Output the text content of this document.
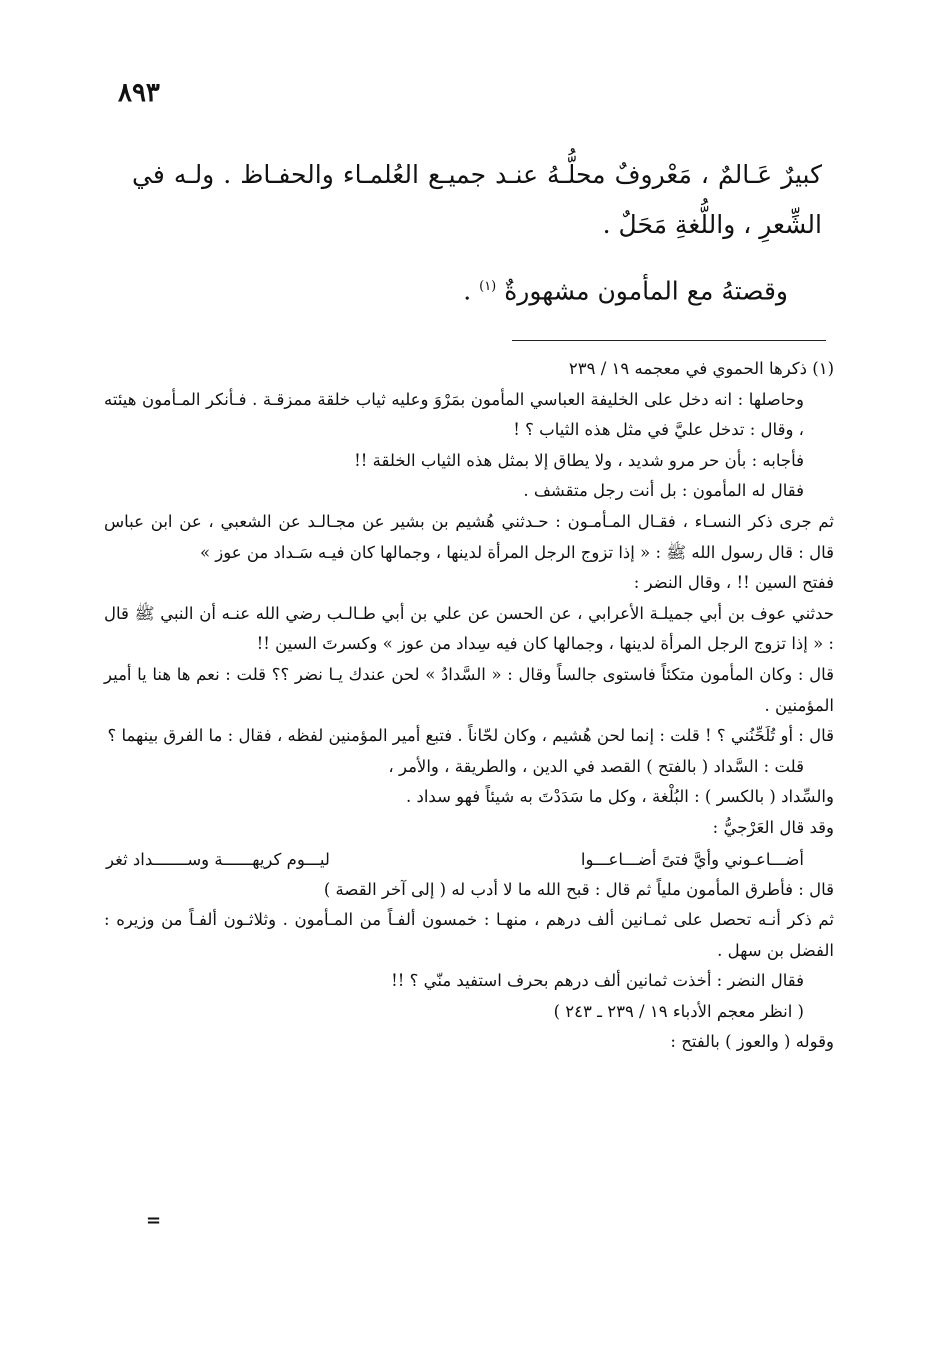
٨٩٣

كبيرٌ عَـالمٌ ، مَعْروفٌ محلُّـهُ عنـد جميـع العُلمـاء والحفـاظ . ولـه في الشِّعرِ ، واللُّغةِ مَحَلٌ .

وقصتهُ مع المأمون مشهورةٌ $^{(١)}$ .

(١) ذكرها الحموي في معجمه ١٩ / ٢٣٩

وحاصلها : انه دخل على الخليفة العباسي المأمون بمَرْوَ وعليه ثياب خلقة ممزقـة . فـأنكر المـأمون هيئته ، وقال : تدخل عليَّ في مثل هذه الثياب ؟ !

فأجابه : بأن حر مرو شديد ، ولا يطاق إلا بمثل هذه الثياب الخلقة !!

فقال له المأمون : بل أنت رجل متقشف .

ثم جرى ذكر النسـاء ، فقـال المـأمـون : حـدثني هُشيم بن بشير عن مجـالـد عن الشعبي ، عن ابن عباس قال : قال رسول الله ﷺ : « إذا تزوج الرجل المرأة لدينها ، وجمالها كان فيـه سَـداد من عوز »

ففتح السين !! ، وقال النضر :

حدثني عوف بن أبي جميلـة الأعرابي ، عن الحسن عن علي بن أبي طـالـب رضي الله عنـه أن النبي ﷺ قال : « إذا تزوج الرجل المرأة لدينها ، وجمالها كان فيه سِداد من عوز » وكسرتَ السين !!

قال : وكان المأمون متكئاً فاستوى جالساً وقال : « السَّدادُ » لحن عندك يـا نضر ؟؟ قلت : نعم ها هنا يا أمير المؤمنين .

قال : أو تُلَحِّنُني ؟ ! قلت : إنما لحن هُشيم ، وكان لحّاناً . فتبع أمير المؤمنين لفظه ، فقال : ما الفرق بينهما ؟

قلت : السَّداد ( بالفتح ) القصد في الدين ، والطريقة ، والأمر ،

والسِّداد ( بالكسر ) : البُلْغة ، وكل ما سَدَدْتَ به شيئاً فهو سداد .

وقد قال العَرْجيُّ :

أضـــاعـوني وأيَّ فتىً أضـــاعـــوا
ليـــوم كريهــــــة وســـــــداد ثغر

قال : فأطرق المأمون ملياً ثم قال : قبح الله ما لا أدب له ( إلى آخر القصة )

ثم ذكر أنـه تحصل على ثمـانين ألف درهم ، منهـا : خمسون ألفـاً من المـأمون . وثلاثـون ألفـاً من وزيره : الفضل بن سهل .

فقال النضر : أخذت ثمانين ألف درهم بحرف استفيد منّي ؟ !!

( انظر معجم الأدباء ١٩ / ٢٣٩ ـ ٢٤٣ )

وقوله ( والعوز ) بالفتح :

=
